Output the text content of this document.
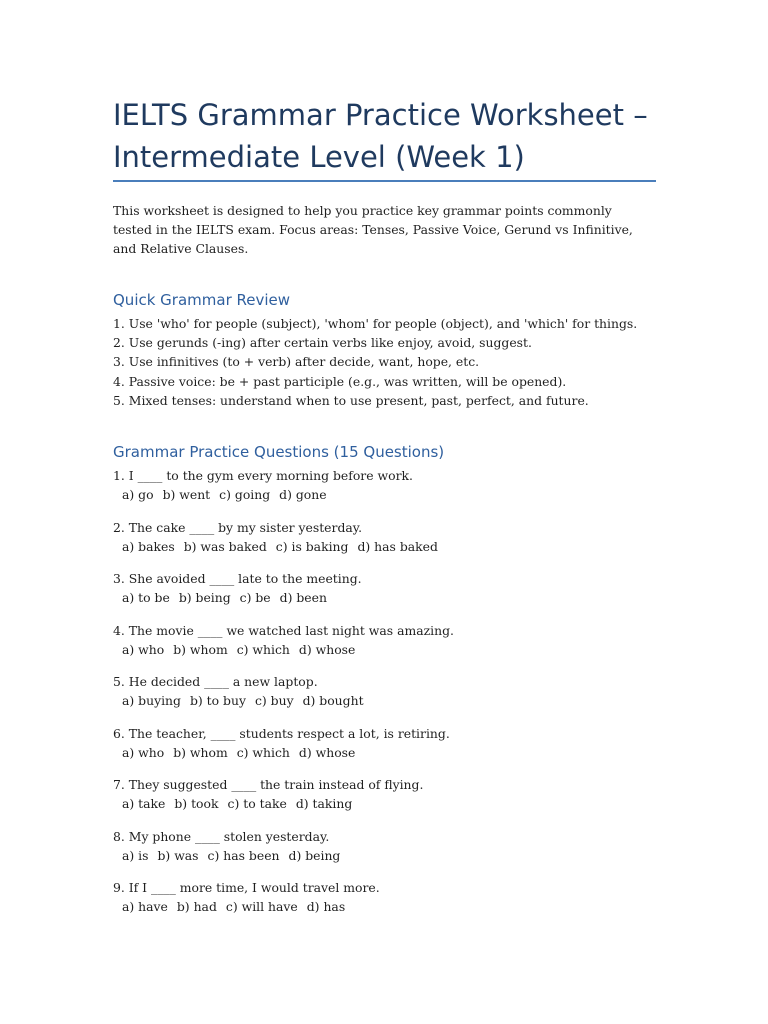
IELTS Grammar Practice Worksheet –
Intermediate Level (Week 1)

This worksheet is designed to help you practice key grammar points commonly tested in the IELTS exam. Focus areas: Tenses, Passive Voice, Gerund vs Infinitive, and Relative Clauses.

Quick Grammar Review
1. Use 'who' for people (subject), 'whom' for people (object), and 'which' for things.
2. Use gerunds (-ing) after certain verbs like enjoy, avoid, suggest.
3. Use infinitives (to + verb) after decide, want, hope, etc.
4. Passive voice: be + past participle (e.g., was written, will be opened).
5. Mixed tenses: understand when to use present, past, perfect, and future.
Grammar Practice Questions (15 Questions)
1. I ____ to the gym every morning before work.
a) go b) went c) going d) gone
2. The cake ____ by my sister yesterday.
a) bakes b) was baked c) is baking d) has baked
3. She avoided ____ late to the meeting.
a) to be b) being c) be d) been
4. The movie ____ we watched last night was amazing.
a) who b) whom c) which d) whose
5. He decided ____ a new laptop.
a) buying b) to buy c) buy d) bought
6. The teacher, ____ students respect a lot, is retiring.
a) who b) whom c) which d) whose
7. They suggested ____ the train instead of flying.
a) take b) took c) to take d) taking
8. My phone ____ stolen yesterday.
a) is b) was c) has been d) being
9. If I ____ more time, I would travel more.
a) have b) had c) will have d) has
